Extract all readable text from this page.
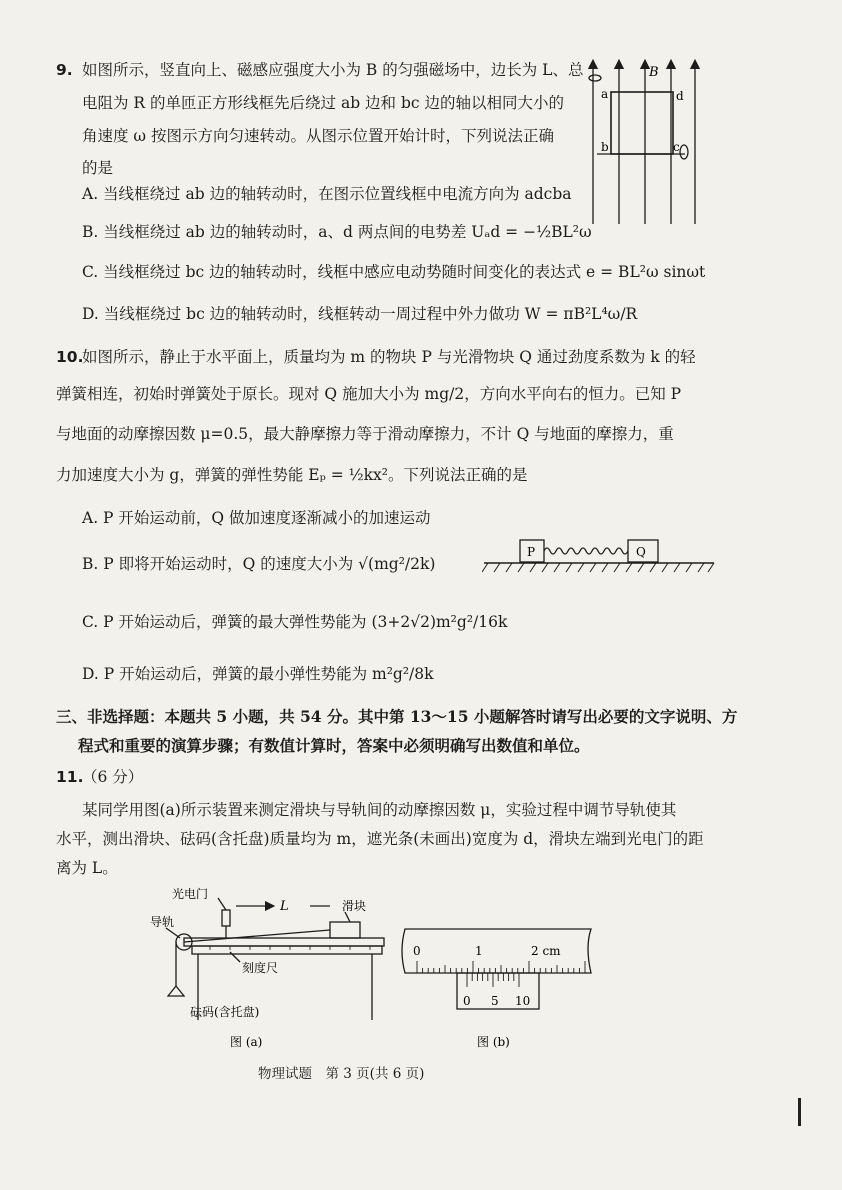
9. 如图所示，竖直向上、磁感应强度大小为 B 的匀强磁场中，边长为 L、总
电阻为 R 的单匝正方形线框先后绕过 ab 边和 bc 边的轴以相同大小的
角速度 ω 按图示方向匀速转动。从图示位置开始计时，下列说法正确
的是
A. 当线框绕过 ab 边的轴转动时，在图示位置线框中电流方向为 adcba
B. 当线框绕过 ab 边的轴转动时，a、d 两点间的电势差 Uₐd = −½BL²ω
C. 当线框绕过 bc 边的轴转动时，线框中感应电动势随时间变化的表达式 e = BL²ω sinωt
D. 当线框绕过 bc 边的轴转动时，线框转动一周过程中外力做功 W = πB²L⁴ω/R
B
a	d
b	c
10.
如图所示，静止于水平面上，质量均为 m 的物块 P 与光滑物块 Q 通过劲度系数为 k 的轻
弹簧相连，初始时弹簧处于原长。现对 Q 施加大小为 mg/2，方向水平向右的恒力。已知 P
与地面的动摩擦因数 μ=0.5，最大静摩擦力等于滑动摩擦力，不计 Q 与地面的摩擦力，重
力加速度大小为 g，弹簧的弹性势能 Eₚ = ½kx²。下列说法正确的是
A. P 开始运动前，Q 做加速度逐渐减小的加速运动
B. P 即将开始运动时，Q 的速度大小为 √(mg²/2k)
C. P 开始运动后，弹簧的最大弹性势能为 (3+2√2)m²g²/16k
D. P 开始运动后，弹簧的最小弹性势能为 m²g²/8k
P	Q
三、非选择题：本题共 5 小题，共 54 分。其中第 13～15 小题解答时请写出必要的文字说明、方
程式和重要的演算步骤；有数值计算时，答案中必须明确写出数值和单位。
11.
（6 分）
某同学用图(a)所示装置来测定滑块与导轨间的动摩擦因数 μ，实验过程中调节导轨使其
水平，测出滑块、砝码(含托盘)质量均为 m，遮光条(未画出)宽度为 d，滑块左端到光电门的距
离为 L。
光电门
L	滑块
导轨
刻度尺
砝码(含托盘)
图 (a)
0	1	2 cm
0 5 10
图 (b)
物理试题　第 3 页(共 6 页)
